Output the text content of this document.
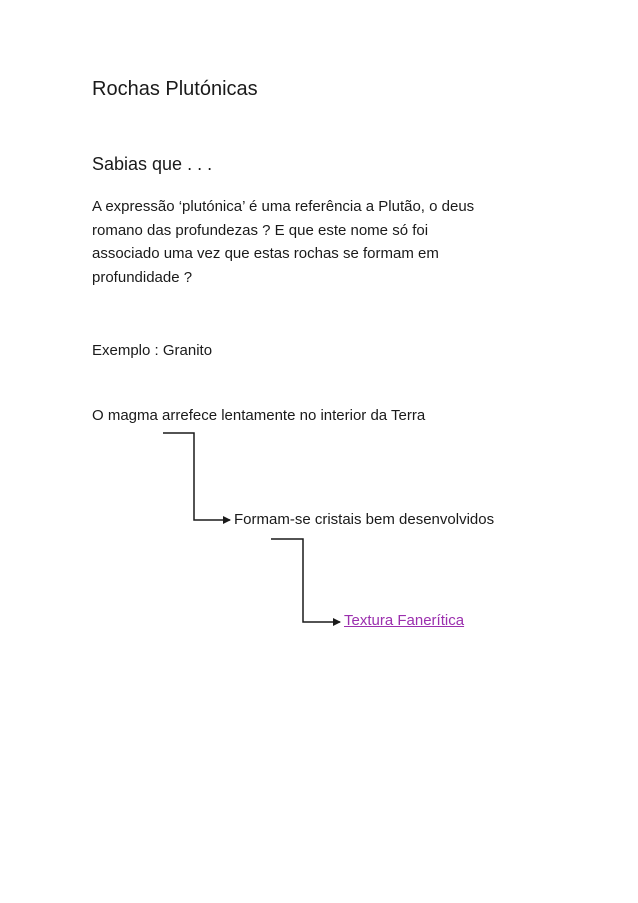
Rochas Plutónicas
Sabias que . . .
A expressão ‘plutónica’ é uma referência a Plutão, o deus
romano das profundezas ? E que este nome só foi
associado uma vez que estas rochas se formam em
profundidade ?
Exemplo : Granito
O magma arrefece lentamente no interior da Terra
Formam-se cristais bem desenvolvidos
Textura Fanerítica
